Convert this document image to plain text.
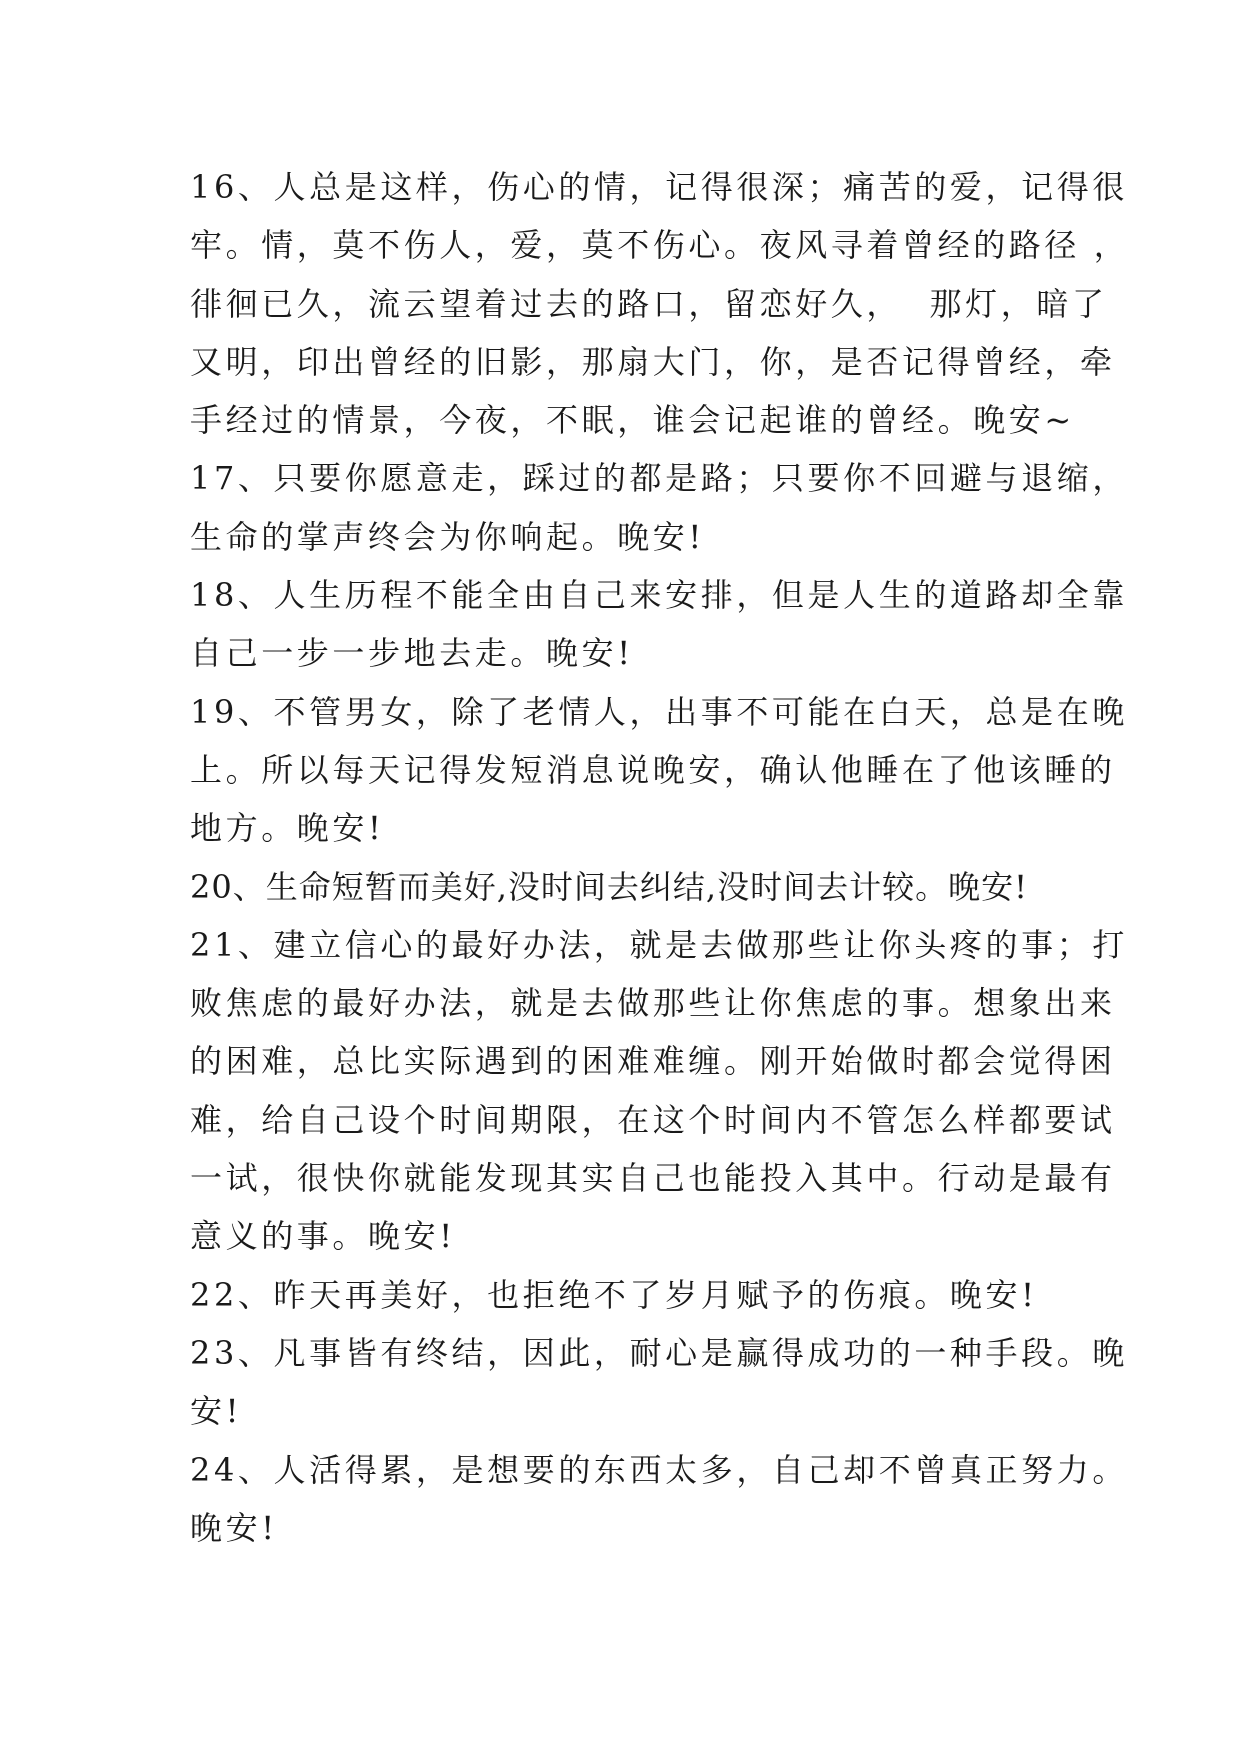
16、人总是这样，伤心的情，记得很深；痛苦的爱，记得很
牢。情，莫不伤人，爱，莫不伤心。夜风寻着曾经的路径 ，
徘徊已久，流云望着过去的路口，留恋好久，  那灯，暗了
又明，印出曾经的旧影，那扇大门，你，是否记得曾经，牵
手经过的情景，今夜，不眠，谁会记起谁的曾经。晚安~
17、只要你愿意走，踩过的都是路；只要你不回避与退缩，
生命的掌声终会为你响起。晚安!
18、人生历程不能全由自己来安排，但是人生的道路却全靠
自己一步一步地去走。晚安!
19、不管男女，除了老情人，出事不可能在白天，总是在晚
上。所以每天记得发短消息说晚安，确认他睡在了他该睡的
地方。晚安!
20、生命短暂而美好,没时间去纠结,没时间去计较。晚安!
21、建立信心的最好办法，就是去做那些让你头疼的事；打
败焦虑的最好办法，就是去做那些让你焦虑的事。想象出来
的困难，总比实际遇到的困难难缠。刚开始做时都会觉得困
难，给自己设个时间期限，在这个时间内不管怎么样都要试
一试，很快你就能发现其实自己也能投入其中。行动是最有
意义的事。晚安!
22、昨天再美好，也拒绝不了岁月赋予的伤痕。晚安!
23、凡事皆有终结，因此，耐心是赢得成功的一种手段。晚
安!
24、人活得累，是想要的东西太多，自己却不曾真正努力。
晚安!
